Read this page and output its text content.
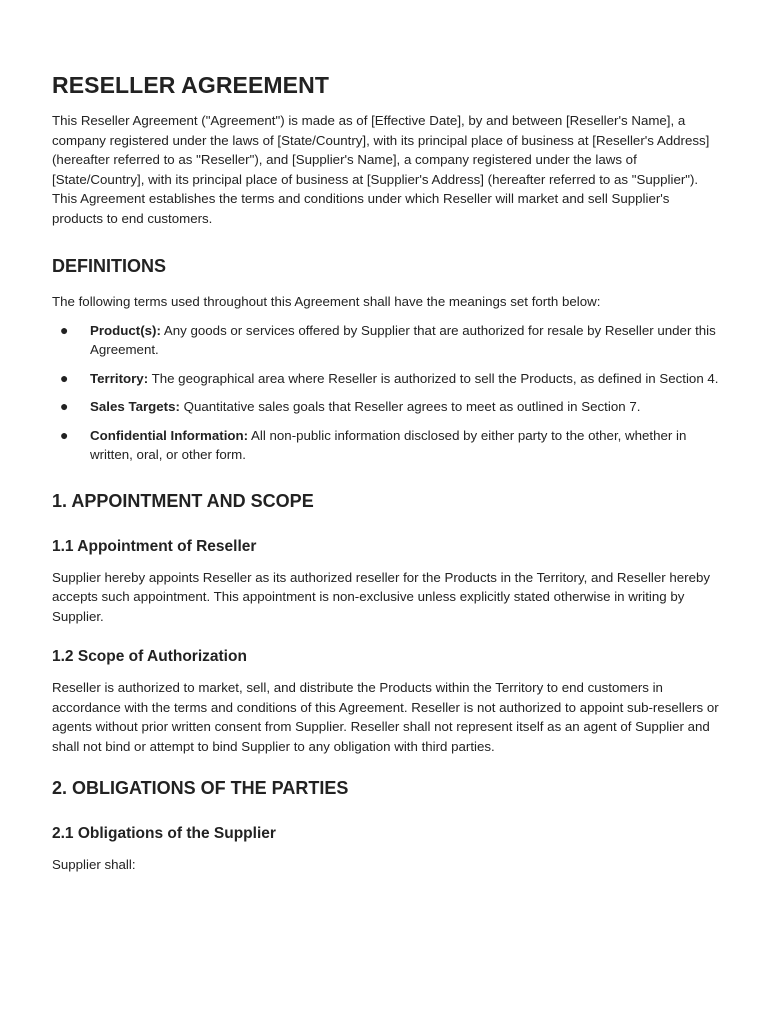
RESELLER AGREEMENT

This Reseller Agreement ("Agreement") is made as of [Effective Date], by and between [Reseller's Name], a company registered under the laws of [State/Country], with its principal place of business at [Reseller's Address] (hereafter referred to as "Reseller"), and [Supplier's Name], a company registered under the laws of [State/Country], with its principal place of business at [Supplier's Address] (hereafter referred to as "Supplier"). This Agreement establishes the terms and conditions under which Reseller will market and sell Supplier's products to end customers.

DEFINITIONS

The following terms used throughout this Agreement shall have the meanings set forth below:

● Product(s): Any goods or services offered by Supplier that are authorized for resale by Reseller under this Agreement.
● Territory: The geographical area where Reseller is authorized to sell the Products, as defined in Section 4.
● Sales Targets: Quantitative sales goals that Reseller agrees to meet as outlined in Section 7.
● Confidential Information: All non-public information disclosed by either party to the other, whether in written, oral, or other form.
1. APPOINTMENT AND SCOPE
1.1 Appointment of Reseller

Supplier hereby appoints Reseller as its authorized reseller for the Products in the Territory, and Reseller hereby accepts such appointment. This appointment is non-exclusive unless explicitly stated otherwise in writing by Supplier.

1.2 Scope of Authorization

Reseller is authorized to market, sell, and distribute the Products within the Territory to end customers in accordance with the terms and conditions of this Agreement. Reseller is not authorized to appoint sub-resellers or agents without prior written consent from Supplier. Reseller shall not represent itself as an agent of Supplier and shall not bind or attempt to bind Supplier to any obligation with third parties.

2. OBLIGATIONS OF THE PARTIES
2.1 Obligations of the Supplier

Supplier shall:
